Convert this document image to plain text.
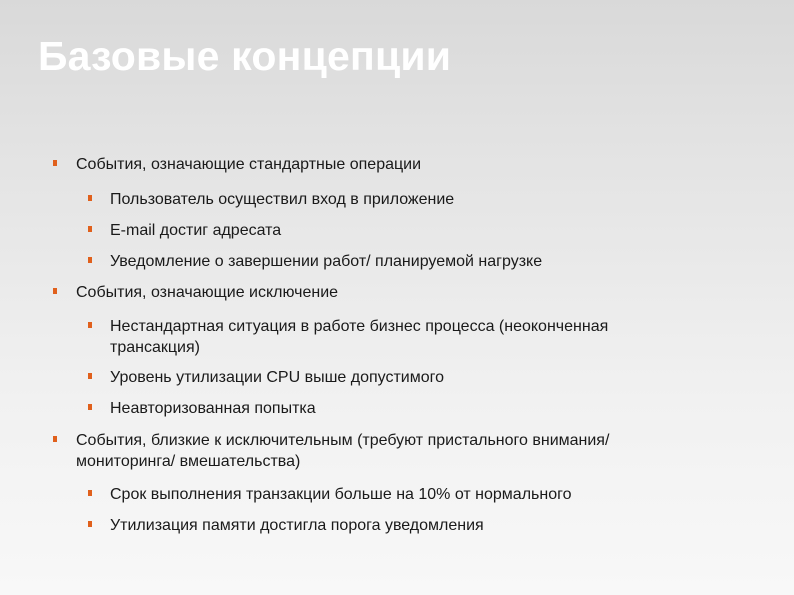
Базовые концепции
События, означающие стандартные операции
Пользователь осуществил вход в приложение
E-mail достиг адресата
Уведомление о завершении работ/ планируемой нагрузке
События, означающие исключение
Нестандартная ситуация в работе бизнес процесса (неоконченная трансакция)
Уровень утилизации CPU выше допустимого
Неавторизованная попытка
События, близкие к исключительным (требуют пристального внимания/ мониторинга/ вмешательства)
Срок выполнения транзакции больше на 10% от нормального
Утилизация памяти достигла порога уведомления
